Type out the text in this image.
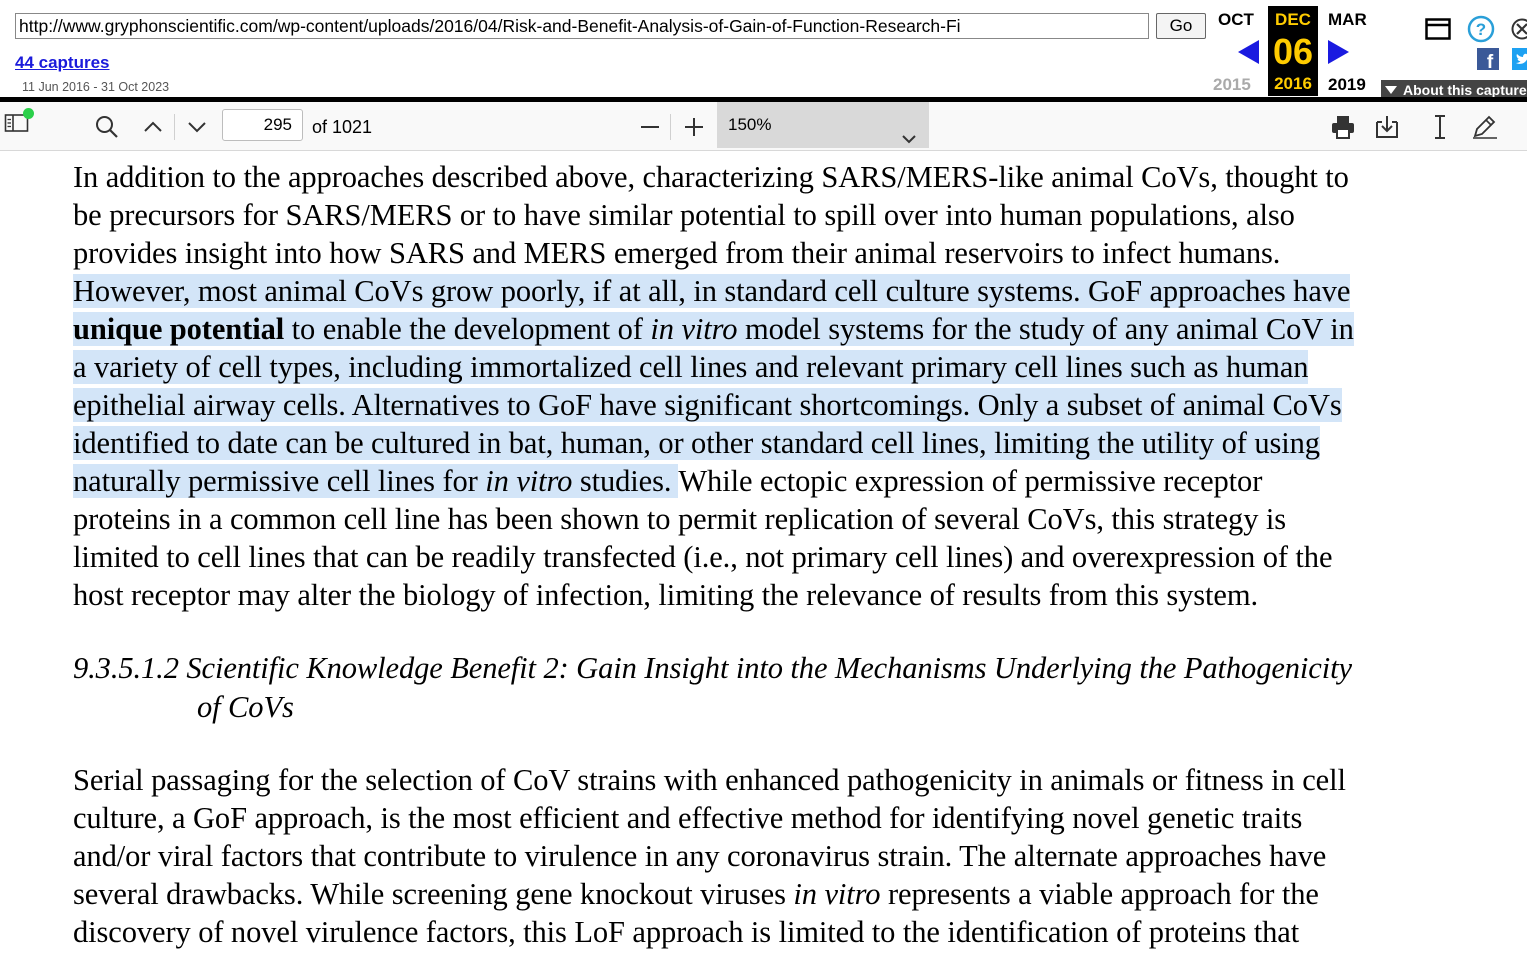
http://www.gryphonscientific.com/wp-content/uploads/2016/04/Risk-and-Benefit-Analysis-of-Gain-of-Function-Research-Fi	Go
44 captures
11 Jun 2016 - 31 Oct 2023
OCT	MAR
2015	2019
DEC
06
2016	About this capture
?
f
295	of 1021	150%
In addition to the approaches described above, characterizing SARS/MERS-like animal CoVs, thought to
be precursors for SARS/MERS or to have similar potential to spill over into human populations, also
provides insight into how SARS and MERS emerged from their animal reservoirs to infect humans.
However, most animal CoVs grow poorly, if at all, in standard cell culture systems. GoF approaches have
unique potential to enable the development of in vitro model systems for the study of any animal CoV in
a variety of cell types, including immortalized cell lines and relevant primary cell lines such as human
epithelial airway cells. Alternatives to GoF have significant shortcomings. Only a subset of animal CoVs
identified to date can be cultured in bat, human, or other standard cell lines, limiting the utility of using
naturally permissive cell lines for in vitro studies. While ectopic expression of permissive receptor
proteins in a common cell line has been shown to permit replication of several CoVs, this strategy is
limited to cell lines that can be readily transfected (i.e., not primary cell lines) and overexpression of the
host receptor may alter the biology of infection, limiting the relevance of results from this system.
9.3.5.1.2 Scientific Knowledge Benefit 2: Gain Insight into the Mechanisms Underlying the Pathogenicity
of CoVs
Serial passaging for the selection of CoV strains with enhanced pathogenicity in animals or fitness in cell
culture, a GoF approach, is the most efficient and effective method for identifying novel genetic traits
and/or viral factors that contribute to virulence in any coronavirus strain. The alternate approaches have
several drawbacks. While screening gene knockout viruses in vitro represents a viable approach for the
discovery of novel virulence factors, this LoF approach is limited to the identification of proteins that
